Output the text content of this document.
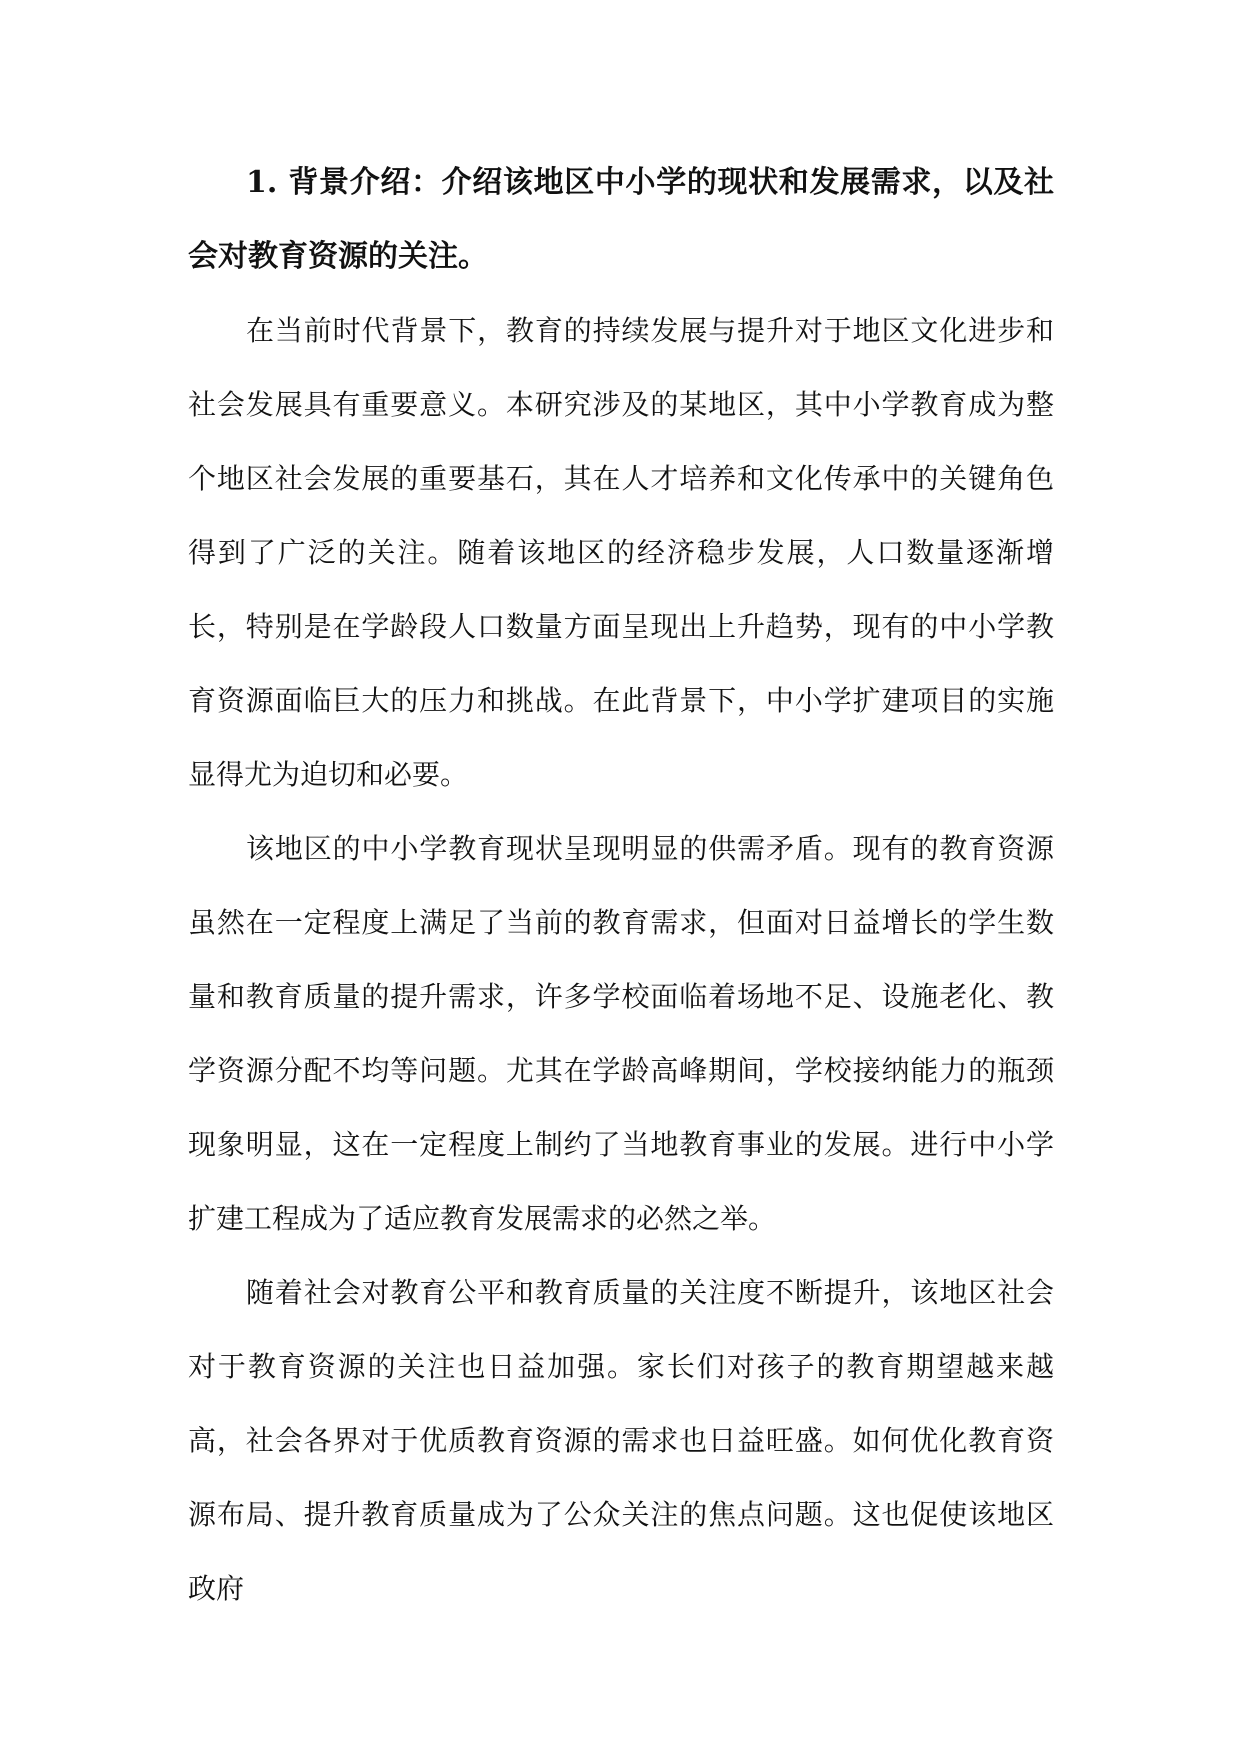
1. 背景介绍：介绍该地区中小学的现状和发展需求，以及社会对教育资源的关注。

在当前时代背景下，教育的持续发展与提升对于地区文化进步和社会发展具有重要意义。本研究涉及的某地区，其中小学教育成为整个地区社会发展的重要基石，其在人才培养和文化传承中的关键角色得到了广泛的关注。随着该地区的经济稳步发展，人口数量逐渐增长，特别是在学龄段人口数量方面呈现出上升趋势，现有的中小学教育资源面临巨大的压力和挑战。在此背景下，中小学扩建项目的实施显得尤为迫切和必要。

该地区的中小学教育现状呈现明显的供需矛盾。现有的教育资源虽然在一定程度上满足了当前的教育需求，但面对日益增长的学生数量和教育质量的提升需求，许多学校面临着场地不足、设施老化、教学资源分配不均等问题。尤其在学龄高峰期间，学校接纳能力的瓶颈现象明显，这在一定程度上制约了当地教育事业的发展。进行中小学扩建工程成为了适应教育发展需求的必然之举。

随着社会对教育公平和教育质量的关注度不断提升，该地区社会对于教育资源的关注也日益加强。家长们对孩子的教育期望越来越高，社会各界对于优质教育资源的需求也日益旺盛。如何优化教育资源布局、提升教育质量成为了公众关注的焦点问题。这也促使该地区政府
